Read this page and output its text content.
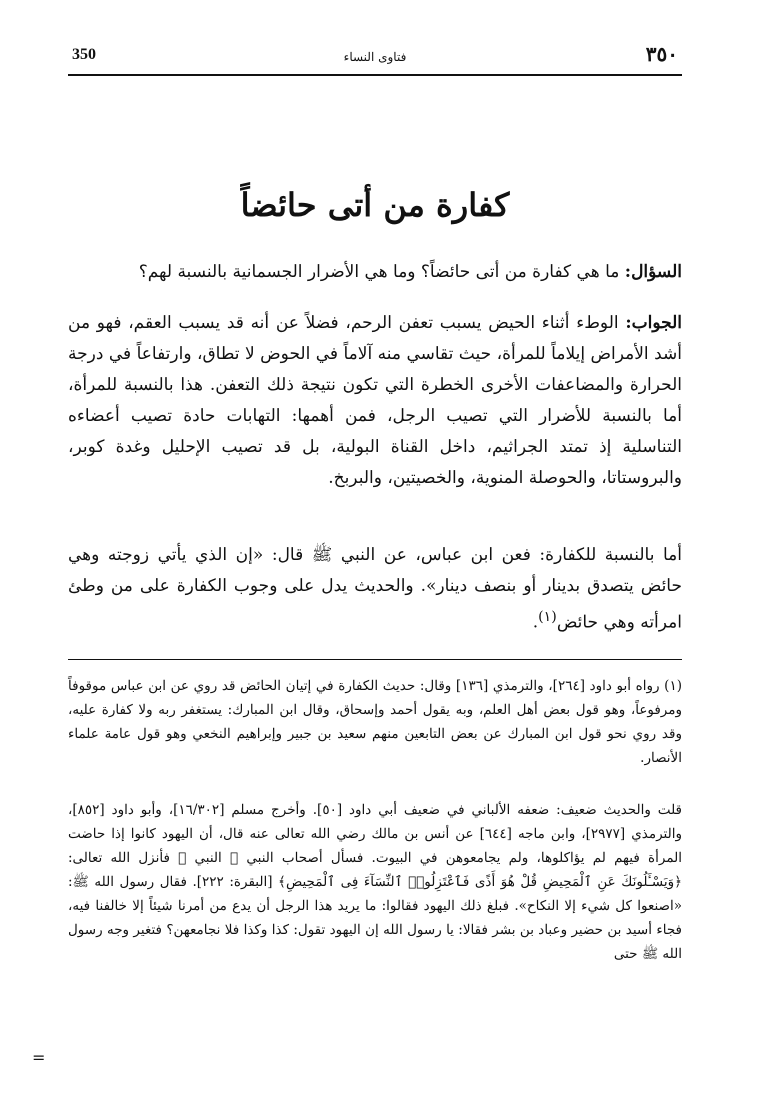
350	فتاوى النساء	٣٥٠
كفارة من أتى حائضاً

السؤال: ما هي كفارة من أتى حائضاً؟ وما هي الأضرار الجسمانية بالنسبة لهم؟

الجواب: الوطء أثناء الحيض يسبب تعفن الرحم، فضلاً عن أنه قد يسبب العقم، فهو من أشد الأمراض إيلاماً للمرأة، حيث تقاسي منه آلاماً في الحوض لا تطاق، وارتفاعاً في درجة الحرارة والمضاعفات الأخرى الخطرة التي تكون نتيجة ذلك التعفن. هذا بالنسبة للمرأة، أما بالنسبة للأضرار التي تصيب الرجل، فمن أهمها: التهابات حادة تصيب أعضاءه التناسلية إذ تمتد الجراثيم، داخل القناة البولية، بل قد تصيب الإحليل وغدة كوبر، والبروستاتا، والحوصلة المنوية، والخصيتين، والبربخ.

أما بالنسبة للكفارة: فعن ابن عباس، عن النبي ﷺ قال: «إن الذي يأتي زوجته وهي حائض يتصدق بدينار أو بنصف دينار». والحديث يدل على وجوب الكفارة على من وطئ امرأته وهي حائض$^{(١)}$.

(١) رواه أبو داود [٢٦٤]، والترمذي [١٣٦] وقال: حديث الكفارة في إتيان الحائض قد روي عن ابن عباس موقوفاً ومرفوعاً، وهو قول بعض أهل العلم، وبه يقول أحمد وإسحاق، وقال ابن المبارك: يستغفر ربه ولا كفارة عليه، وقد روي نحو قول ابن المبارك عن بعض التابعين منهم سعيد بن جبير وإبراهيم النخعي وهو قول عامة علماء الأنصار.
قلت والحديث ضعيف: ضعفه الألباني في ضعيف أبي داود [٥٠]. وأخرج مسلم [١٦/٣٠٢]، وأبو داود [٨٥٢]، والترمذي [٢٩٧٧]، وابن ماجه [٦٤٤] عن أنس بن مالك رضي الله تعالى عنه قال، أن اليهود كانوا إذا حاضت المرأة فيهم لم يؤاكلوها، ولم يجامعوهن في البيوت. فسأل أصحاب النبي ﷺ النبي ﷺ فأنزل الله تعالى: ﴿وَيَسْـَٔلُونَكَ عَنِ ٱلْمَحِيضِ قُلْ هُوَ أَذًى فَٱعْتَزِلُوا۟ ٱلنِّسَآءَ فِى ٱلْمَحِيضِ﴾ [البقرة: ٢٢٢]. فقال رسول الله ﷺ: «اصنعوا كل شيء إلا النكاح». فبلغ ذلك اليهود فقالوا: ما يريد هذا الرجل أن يدع من أمرنا شيئاً إلا خالفنا فيه، فجاء أسيد بن حضير وعباد بن بشر فقالا: يا رسول الله إن اليهود تقول: كذا وكذا فلا نجامعهن؟ فتغير وجه رسول الله ﷺ حتى
=
